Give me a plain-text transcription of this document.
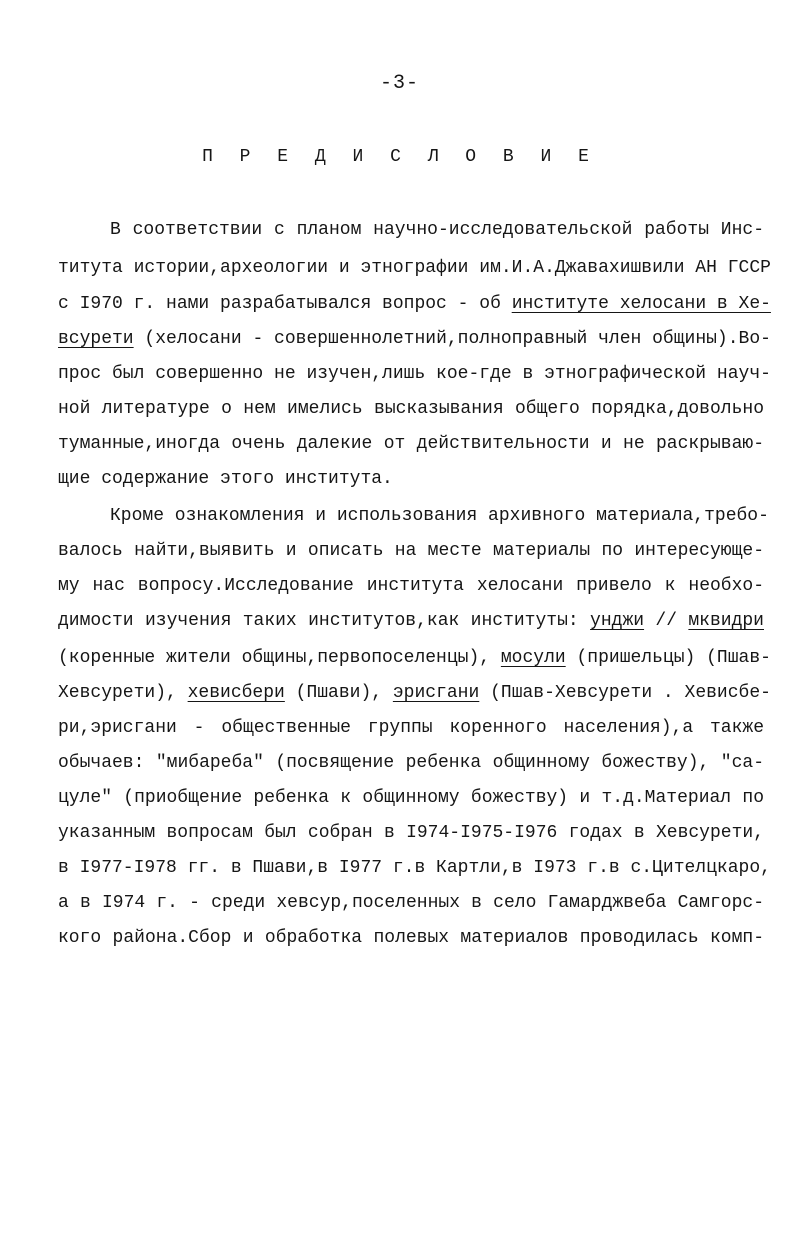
-3-
П Р Е Д И С Л О В И Е
В соответствии с планом научно-исследовательской работы Инс-
титута истории,археологии и этнографии им.И.А.Джавахишвили АН ГССР
с I970 г. нами разрабатывался вопрос - об институте хелосани в Хе-
всурети (хелосани - совершеннолетний,полноправный член общины).Во-
прос был совершенно не изучен,лишь кое-где в этнографической науч-
ной литературе о нем имелись высказывания общего порядка,довольно
туманные,иногда очень далекие от действительности и не раскрываю-
щие содержание этого института.
Кроме ознакомления и использования архивного материала,требо-
валось найти,выявить и описать на месте материалы по интересующе-
му нас вопросу.Исследование института хелосани привело к необхо-
димости изучения таких институтов,как институты: унджи // мквидри
(коренные жители общины,первопоселенцы), мосули (пришельцы) (Пшав-
Хевсурети), хевисбери (Пшави), эрисгани (Пшав-Хевсурети . Хевисбе-
ри,эрисгани - общественные группы коренного населения),а также
обычаев: "мибареба" (посвящение ребенка общинному божеству), "са-
цуле" (приобщение ребенка к общинному божеству) и т.д.Материал по
указанным вопросам был собран в I974-I975-I976 годах в Хевсурети,
в I977-I978 гг. в Пшави,в I977 г.в Картли,в I973 г.в с.Цителцкаро,
а в I974 г. - среди хевсур,поселенных в село Гамарджвеба Самгорс-
кого района.Сбор и обработка полевых материалов проводилась комп-
